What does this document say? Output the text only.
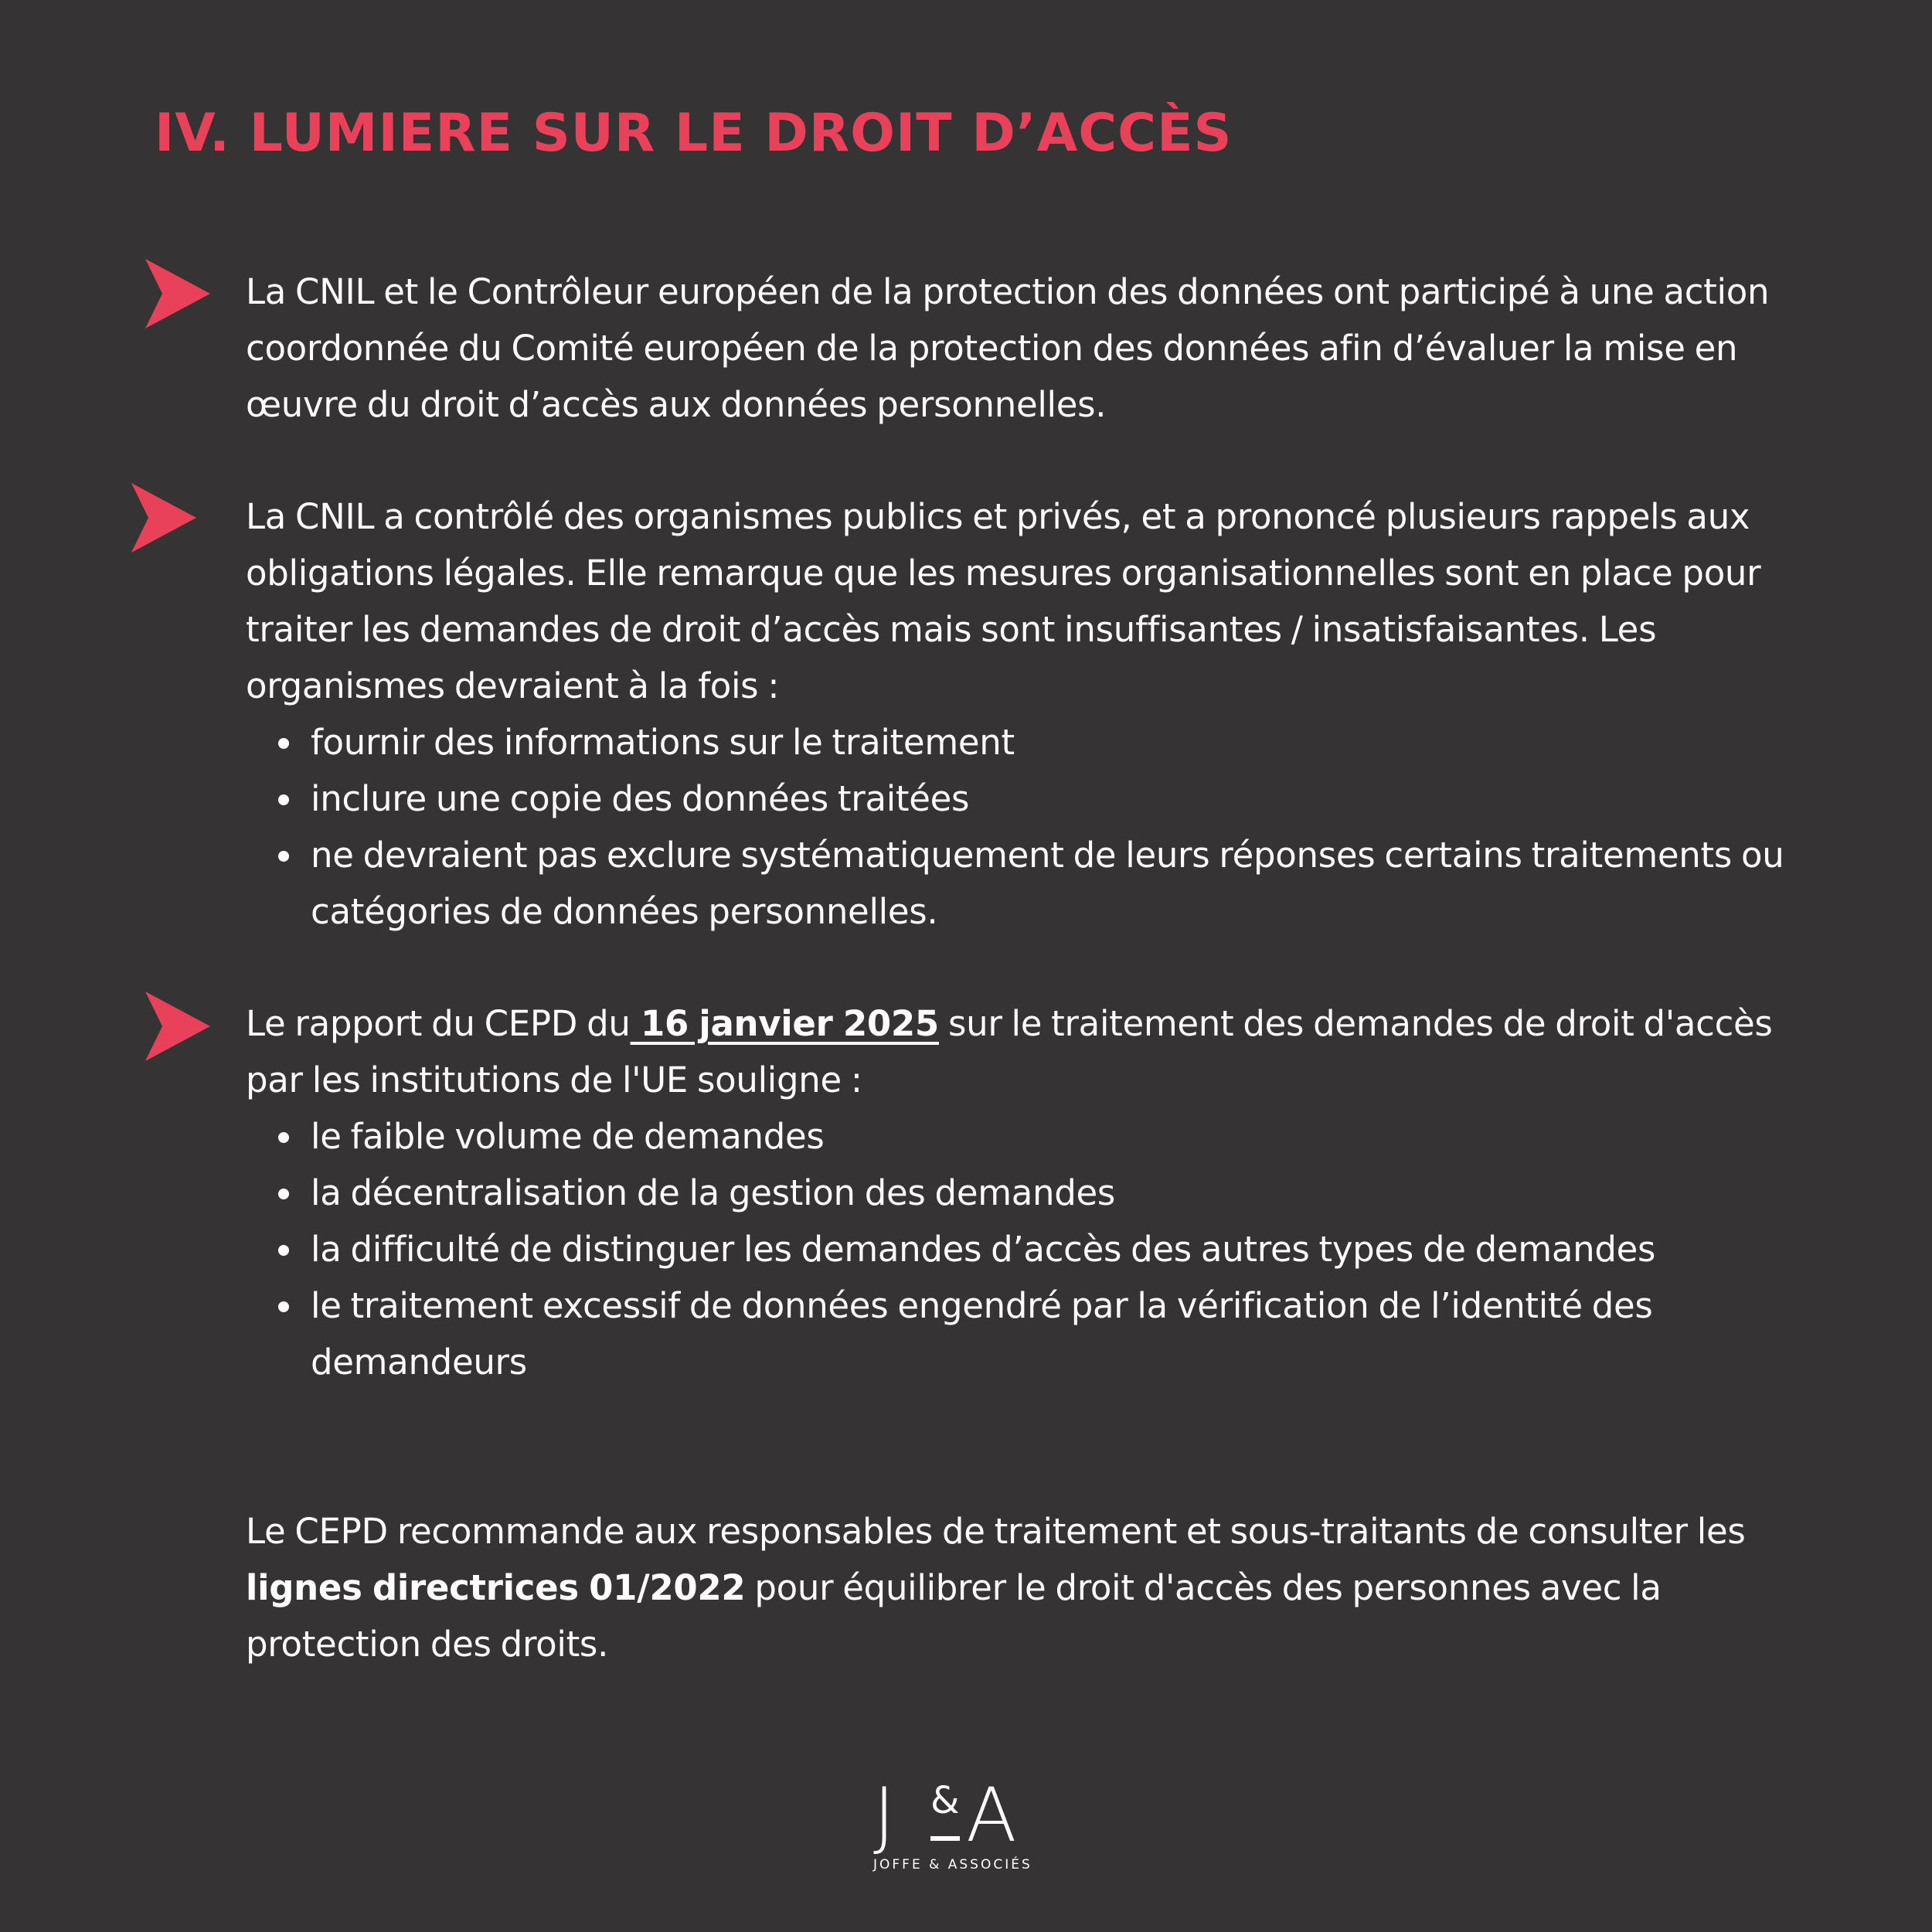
IV. LUMIERE SUR LE DROIT D’ACCÈS

La CNIL et le Contrôleur européen de la protection des données ont participé à une action coordonnée du Comité européen de la protection des données afin d’évaluer la mise en œuvre du droit d’accès aux données personnelles.

La CNIL a contrôlé des organismes publics et privés, et a prononcé plusieurs rappels aux obligations légales. Elle remarque que les mesures organisationnelles sont en place pour traiter les demandes de droit d’accès mais sont insuffisantes / insatisfaisantes. Les organismes devraient à la fois :

fournir des informations sur le traitement
inclure une copie des données traitées
ne devraient pas exclure systématiquement de leurs réponses certains traitements ou catégories de données personnelles.

Le rapport du CEPD du 16 janvier 2025 sur le traitement des demandes de droit d'accès par les institutions de l'UE souligne :

le faible volume de demandes
la décentralisation de la gestion des demandes
la difficulté de distinguer les demandes d’accès des autres types de demandes
le traitement excessif de données engendré par la vérification de l’identité des demandeurs

Le CEPD recommande aux responsables de traitement et sous-traitants de consulter les lignes directrices 01/2022 pour équilibrer le droit d'accès des personnes avec la protection des droits.

J & A
JOFFE & ASSOCIÉS
